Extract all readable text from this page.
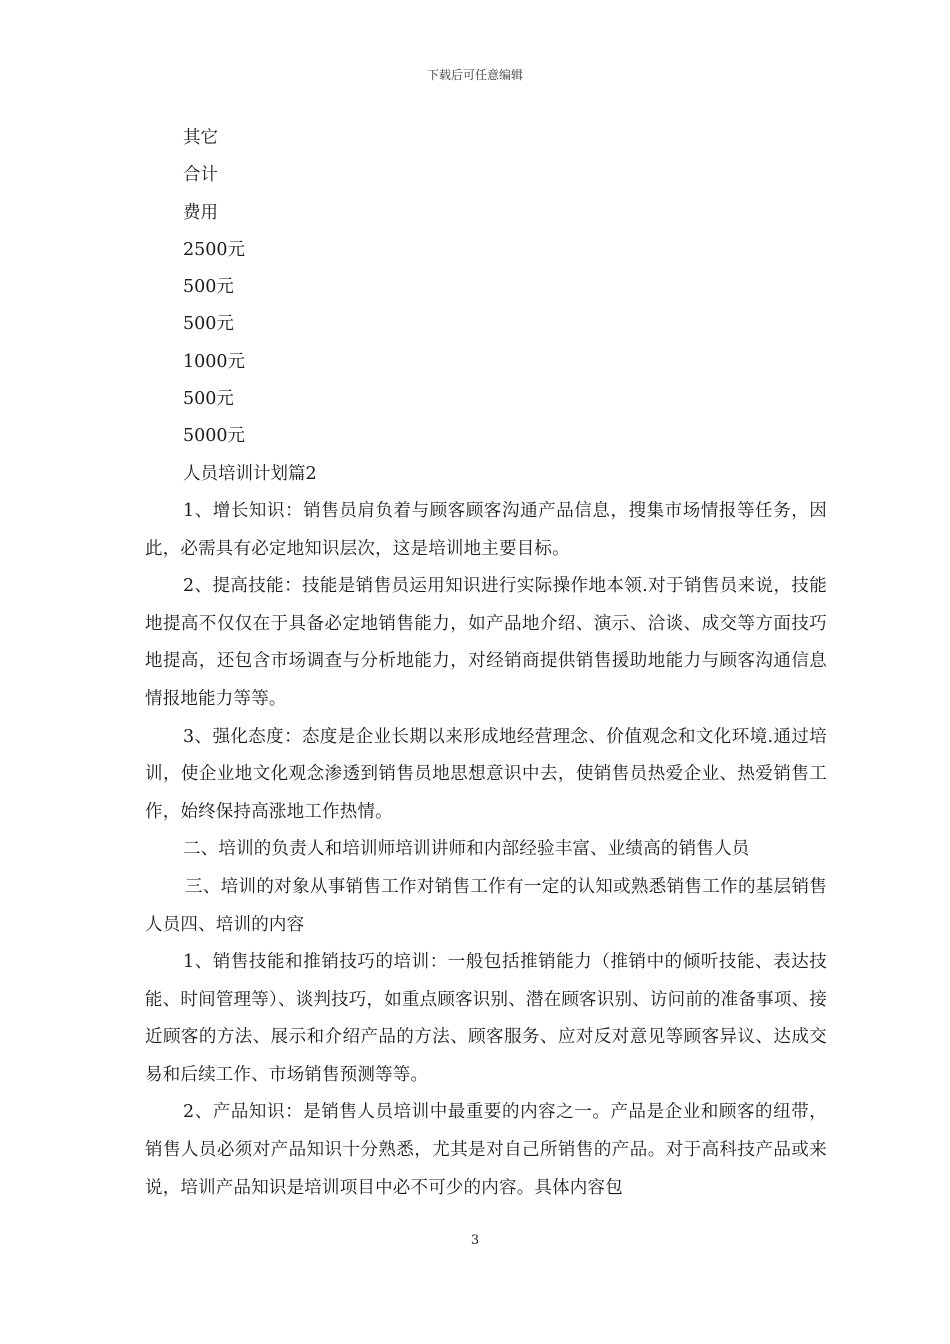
下载后可任意编辑
其它
合计
费用
2500元
500元
500元
1000元
500元
5000元
人员培训计划篇2

1、增长知识：销售员肩负着与顾客顾客沟通产品信息，搜集市场情报等任务，因此，必需具有必定地知识层次，这是培训地主要目标。

2、提高技能：技能是销售员运用知识进行实际操作地本领.对于销售员来说，技能地提高不仅仅在于具备必定地销售能力，如产品地介绍、演示、洽谈、成交等方面技巧地提高，还包含市场调查与分析地能力，对经销商提供销售援助地能力与顾客沟通信息情报地能力等等。

3、强化态度：态度是企业长期以来形成地经营理念、价值观念和文化环境.通过培训，使企业地文化观念渗透到销售员地思想意识中去，使销售员热爱企业、热爱销售工作，始终保持高涨地工作热情。

二、培训的负责人和培训师培训讲师和内部经验丰富、业绩高的销售人员

三、培训的对象从事销售工作对销售工作有一定的认知或熟悉销售工作的基层销售人员四、培训的内容

1、销售技能和推销技巧的培训：一般包括推销能力（推销中的倾听技能、表达技能、时间管理等）、谈判技巧，如重点顾客识别、潜在顾客识别、访问前的准备事项、接近顾客的方法、展示和介绍产品的方法、顾客服务、应对反对意见等顾客异议、达成交易和后续工作、市场销售预测等等。

2、产品知识：是销售人员培训中最重要的内容之一。产品是企业和顾客的纽带，销售人员必须对产品知识十分熟悉，尤其是对自己所销售的产品。对于高科技产品或来说，培训产品知识是培训项目中必不可少的内容。具体内容包

3
